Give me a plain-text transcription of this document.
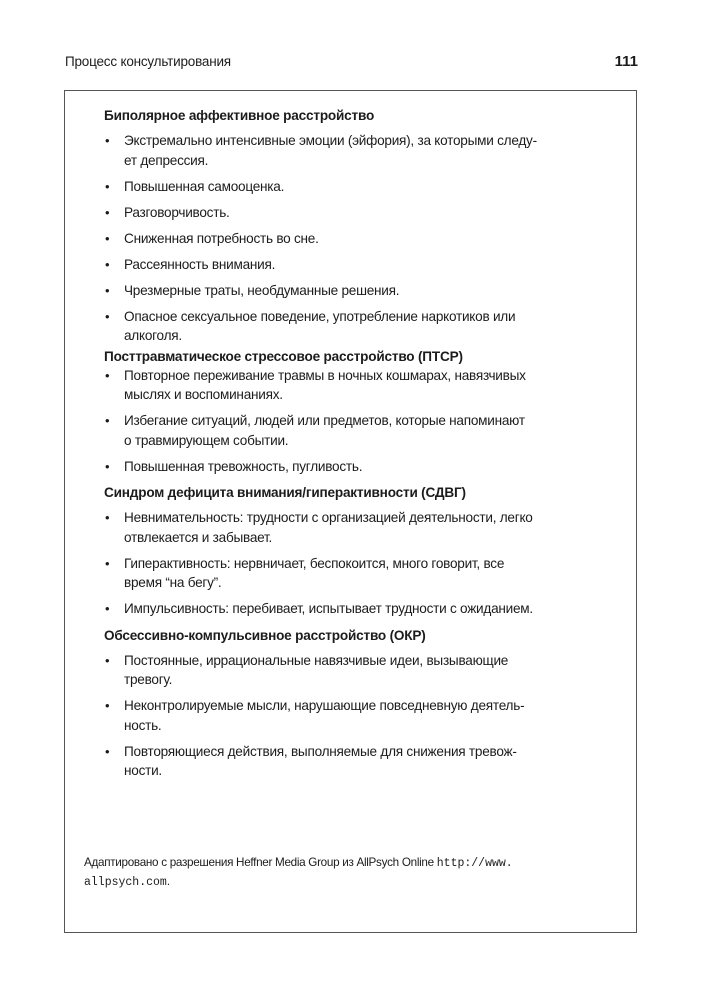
Процесс консультирования	111
Биполярное аффективное расстройство
• Экстремально интенсивные эмоции (эйфория), за которыми следу-
ет депрессия.
• Повышенная самооценка.
• Разговорчивость.
• Сниженная потребность во сне.
• Рассеянность внимания.
• Чрезмерные траты, необдуманные решения.
• Опасное сексуальное поведение, употребление наркотиков или
алкоголя.
Посттравматическое стрессовое расстройство (ПТСР)
• Повторное переживание травмы в ночных кошмарах, навязчивых
мыслях и воспоминаниях.
• Избегание ситуаций, людей или предметов, которые напоминают
о травмирующем событии.
• Повышенная тревожность, пугливость.
Синдром дефицита внимания/гиперактивности (СДВГ)
• Невнимательность: трудности с организацией деятельности, легко
отвлекается и забывает.
• Гиперактивность: нервничает, беспокоится, много говорит, все
время “на бегу”.
• Импульсивность: перебивает, испытывает трудности с ожиданием.
Обсессивно-компульсивное расстройство (ОКР)
• Постоянные, иррациональные навязчивые идеи, вызывающие
тревогу.
• Неконтролируемые мысли, нарушающие повседневную деятель-
ность.
• Повторяющиеся действия, выполняемые для снижения тревож-
ности.
Адаптировано с разрешения Heffner Media Group из AllPsych Online http://www.
allpsych.com.
